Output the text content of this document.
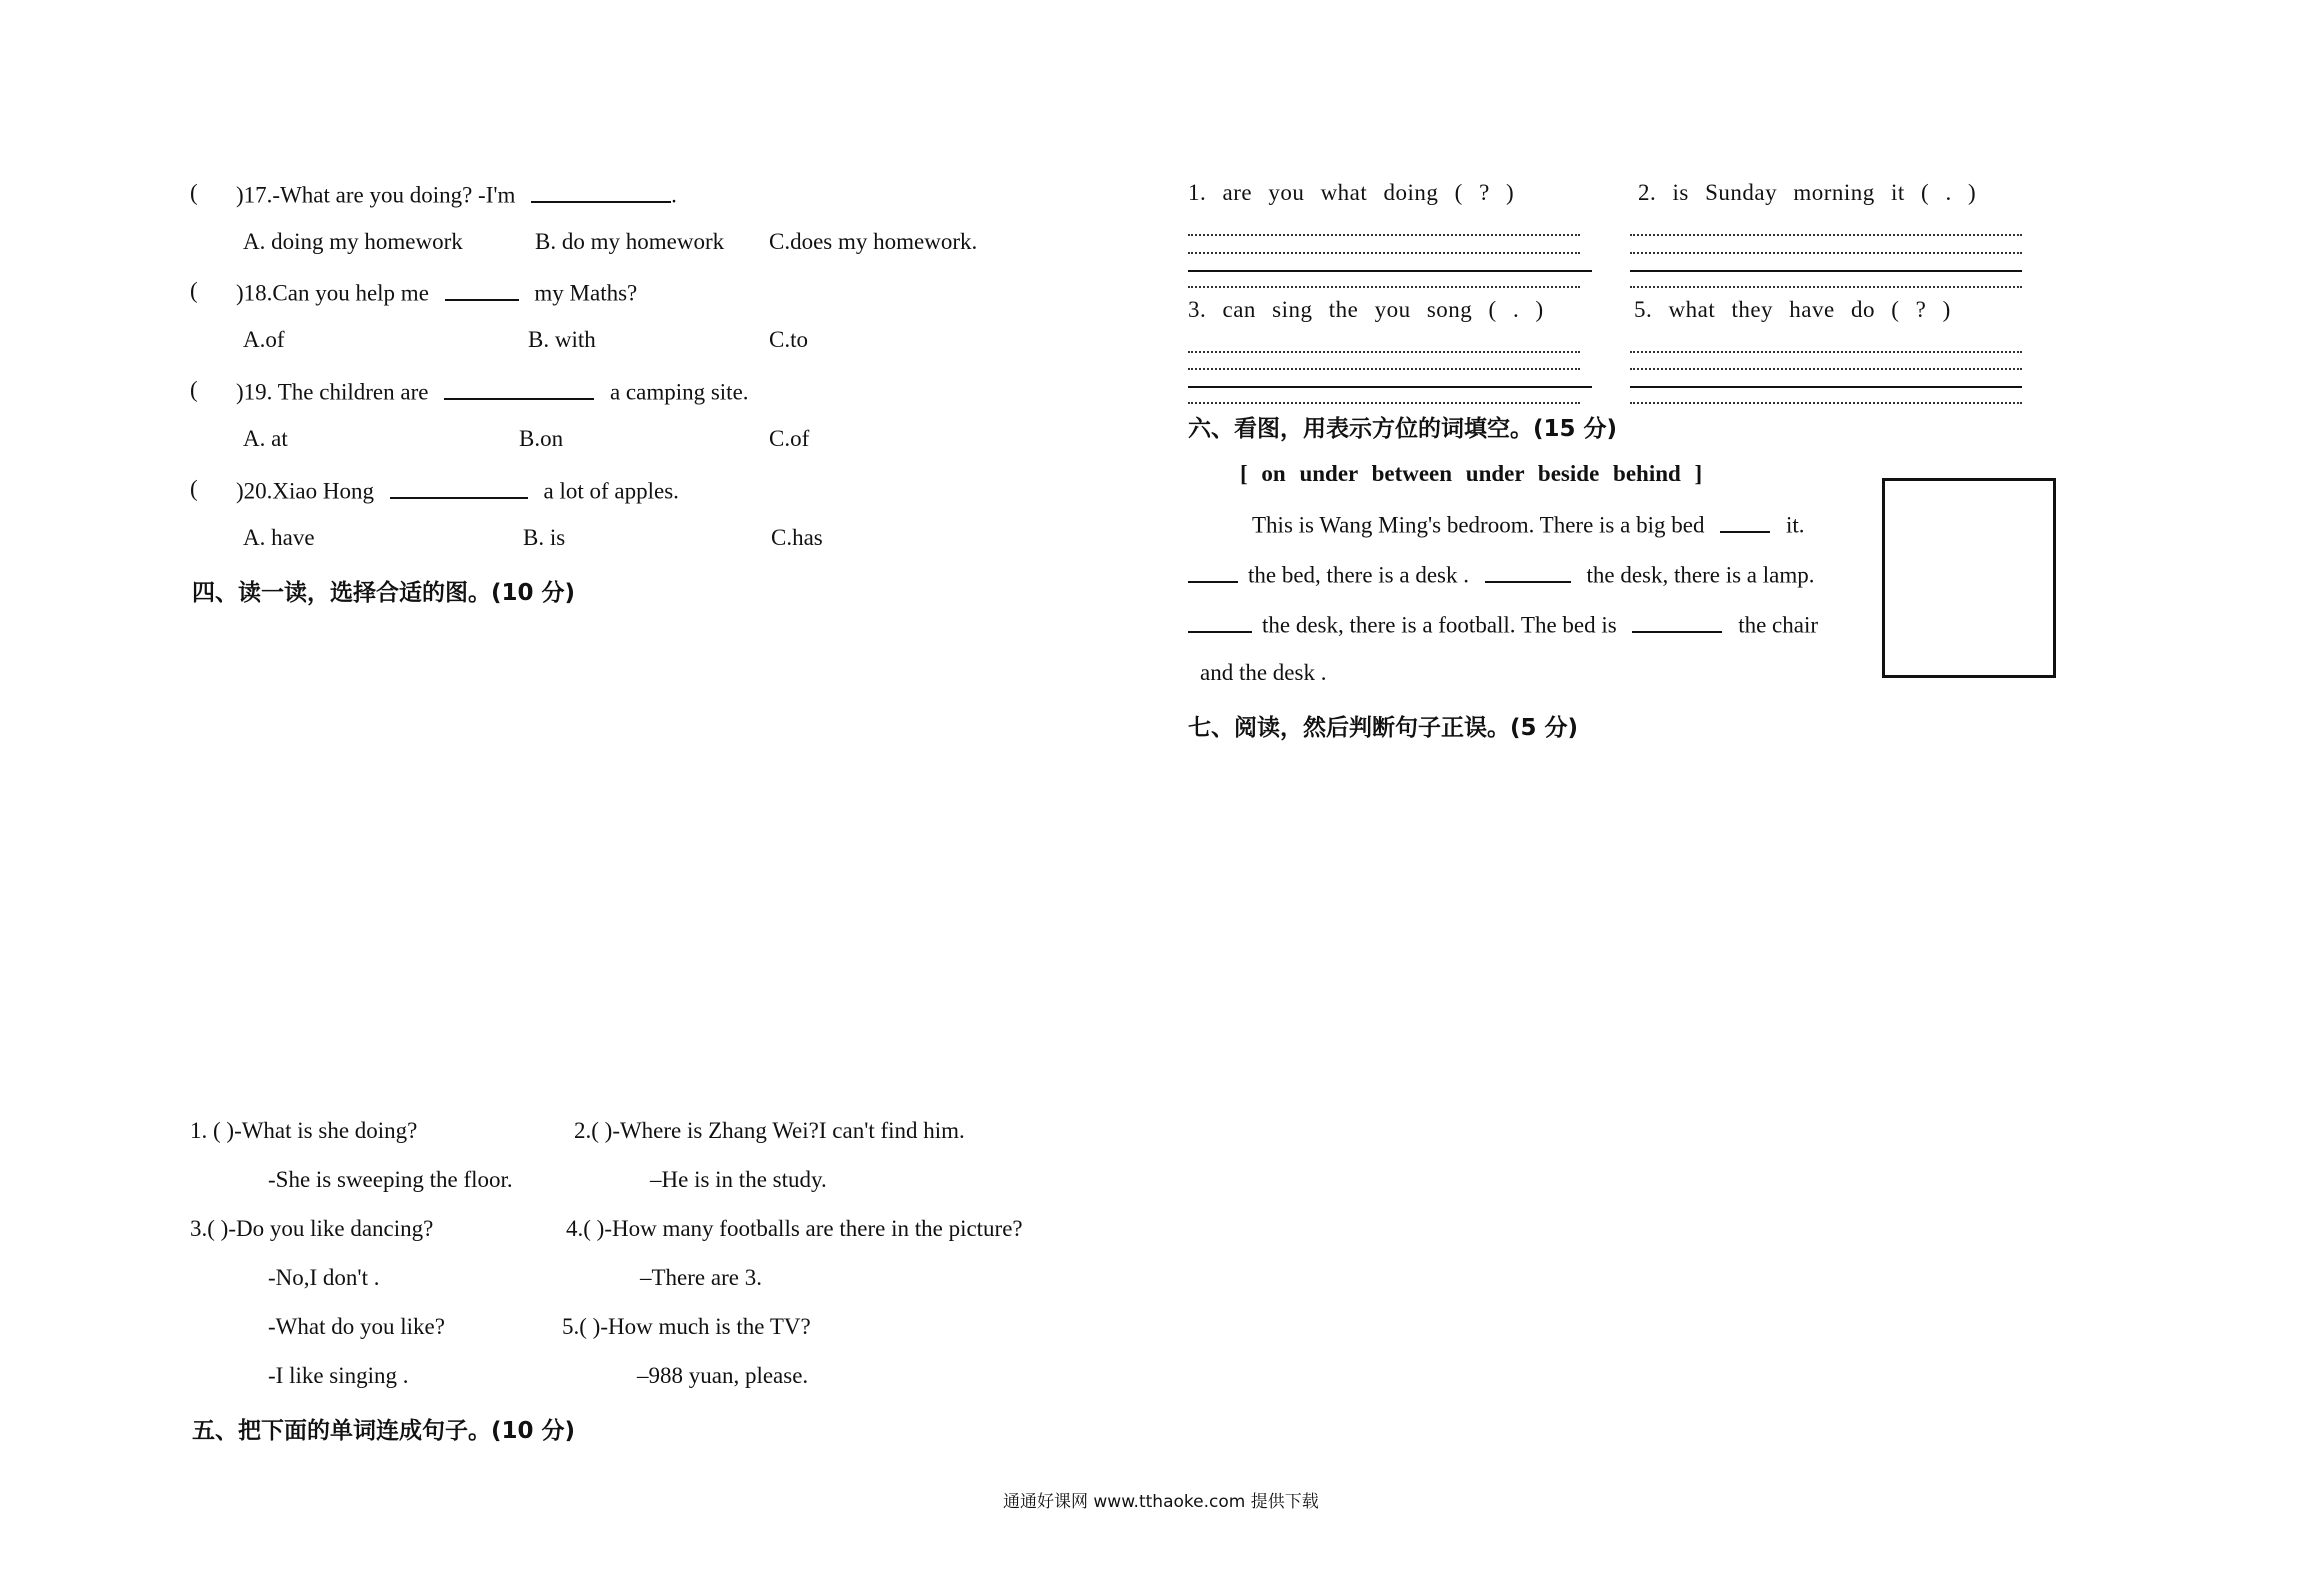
( )17.-What are you doing? -I'm	.
A. doing my homework	B. do my homework C.does my homework.
( )18.Can you help me	my Maths?
A.of	B. with	C.to
( )19. The children are	a camping site.
A. at	B.on	C.of
( )20.Xiao Hong	a lot of apples.
A. have	B. is	C.has
四、读一读，选择合适的图。(10 分)
1. ( )-What is she doing?
-She is sweeping the floor.
2.( )-Where is Zhang Wei?I can't find him.
–He is in the study.
3.( )-Do you like dancing?
-No,I don't .
-What do you like?
-I like singing .
4.( )-How many footballs are there in the picture?
–There are 3.
5.( )-How much is the TV?
–988 yuan, please.
五、把下面的单词连成句子。(10 分)
1. are you what doing ( ? )	2. is Sunday morning it ( . )
3. can sing the you song ( . )	5. what they have do ( ? )
六、看图，用表示方位的词填空。(15 分)
[ on under between under beside behind ]
This is Wang Ming's bedroom. There is a big bed	it.
the bed, there is a desk .	the desk, there is a lamp.
the desk, there is a football. The bed is	the chair
and the desk .
七、阅读，然后判断句子正误。(5 分)
通通好课网 www.tthaoke.com 提供下载
